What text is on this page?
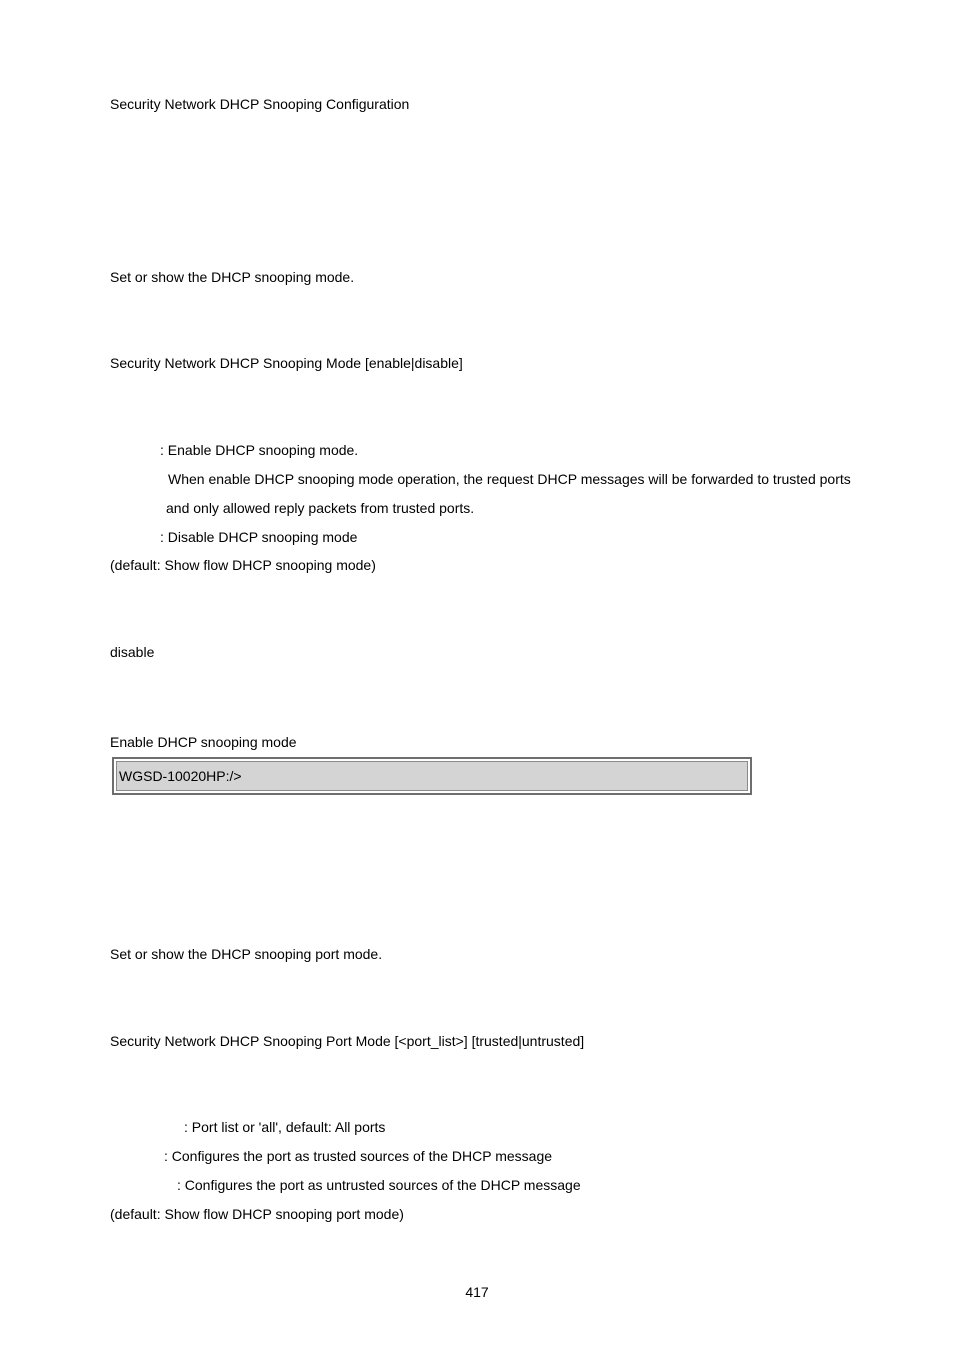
Security Network DHCP Snooping Configuration
Set or show the DHCP snooping mode.
Security Network DHCP Snooping Mode [enable|disable]
: Enable DHCP snooping mode.
When enable DHCP snooping mode operation, the request DHCP messages will be forwarded to trusted ports
and only allowed reply packets from trusted ports.
: Disable DHCP snooping mode
(default: Show flow DHCP snooping mode)
disable
Enable DHCP snooping mode
WGSD-10020HP:/>
Set or show the DHCP snooping port mode.
Security Network DHCP Snooping Port Mode [<port_list>] [trusted|untrusted]
: Port list or 'all', default: All ports
: Configures the port as trusted sources of the DHCP message
: Configures the port as untrusted sources of the DHCP message
(default: Show flow DHCP snooping port mode)
417
